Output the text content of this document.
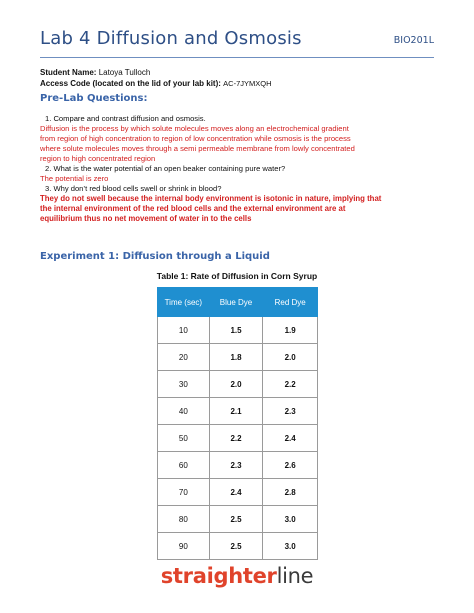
Lab 4 Diffusion and Osmosis	BIO201L
Student Name: Latoya Tulloch
Access Code (located on the lid of your lab kit): AC-7JYMXQH
Pre-Lab Questions:
1. Compare and contrast diffusion and osmosis.
Diffusion is the process by which solute molecules moves along an electrochemical gradient
from region of high concentration to region of low concentration while osmosis is the process
where solute molecules moves through a semi permeable membrane from lowly concentrated
region to high concentrated region
2. What is the water potential of an open beaker containing pure water?
The potential is zero
3. Why don’t red blood cells swell or shrink in blood?
They do not swell because the internal body environment is isotonic in nature, implying that
the internal environment of the red blood cells and the external environment are at
equilibrium thus no net movement of water in to the cells
Experiment 1: Diffusion through a Liquid
Table 1: Rate of Diffusion in Corn Syrup
Time (sec)	Blue Dye	Red Dye
10	1.5	1.9
20	1.8	2.0
30	2.0	2.2
40	2.1	2.3
50	2.2	2.4
60	2.3	2.6
70	2.4	2.8
80	2.5	3.0
90	2.5	3.0
straighterline
